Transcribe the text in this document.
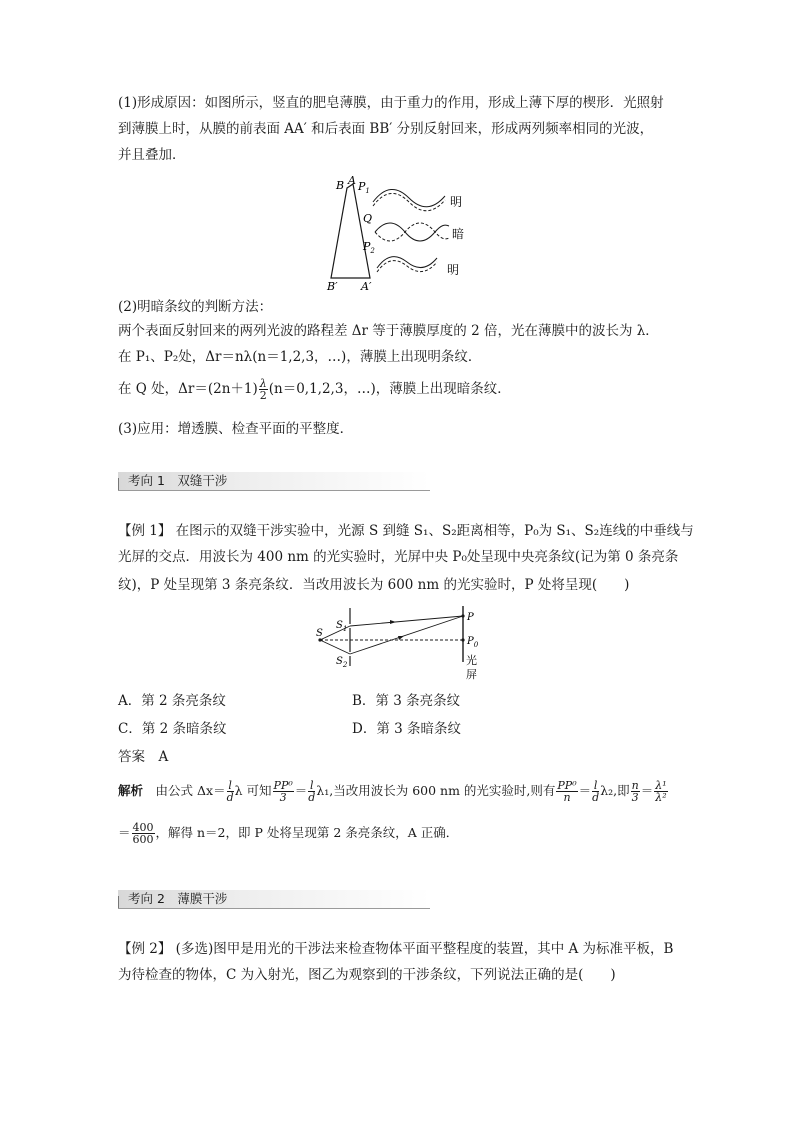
(1)形成原因：如图所示，竖直的肥皂薄膜，由于重力的作用，形成上薄下厚的楔形．光照射

到薄膜上时，从膜的前表面 AA′ 和后表面 BB′ 分别反射回来，形成两列频率相同的光波，

并且叠加．

B A $P_1$
Q
$P_2$
B′ A′
明
暗
明

(2)明暗条纹的判断方法：

两个表面反射回来的两列光波的路程差 Δr 等于薄膜厚度的 2 倍，光在薄膜中的波长为 λ．

在 P₁、P₂处，Δr＝nλ(n＝1,2,3，…)，薄膜上出现明条纹．

在 Q 处，$\Delta r=(2n+1) \frac{\lambda}{2} (n=0,1,2,3$，…)，薄膜上出现暗条纹．

(3)应用：增透膜、检查平面的平整度．

考向 1　双缝干涉

【例 1】 在图示的双缝干涉实验中，光源 S 到缝 S₁、S₂距离相等，P₀为 S₁、S₂连线的中垂线与

光屏的交点．用波长为 400 nm 的光实验时，光屏中央 P₀处呈现中央亮条纹(记为第 0 条亮条

纹)，P 处呈现第 3 条亮条纹．当改用波长为 600 nm 的光实验时，P 处将呈现(　　)

S
$S_1$
$S_2$
P
$P_0$
光
屏
A．第 2 条亮条纹	B．第 3 条亮条纹
C．第 2 条暗条纹	D．第 3 条暗条纹

答案　A

解析　 由公式 $\Delta x= \frac{l}{d}$ λ 可知 $\frac{\text{PP⁰}}{3} = \frac{l}{d} \lambda_1$,当改用波长为 600 nm 的光实验时,则有 $\frac{\text{PP⁰}}{n} = \frac{l}{d} \lambda_2$,即 $\frac{n}{3} = \frac{\text{λ¹}}{\text{λ²}}$

＝ $\frac{400}{600}$ ，解得 n＝2，即 P 处将呈现第 2 条亮条纹，A 正确．

考向 2　薄膜干涉

【例 2】 (多选)图甲是用光的干涉法来检查物体平面平整程度的装置，其中 A 为标准平板，B

为待检查的物体，C 为入射光，图乙为观察到的干涉条纹，下列说法正确的是(　　)
